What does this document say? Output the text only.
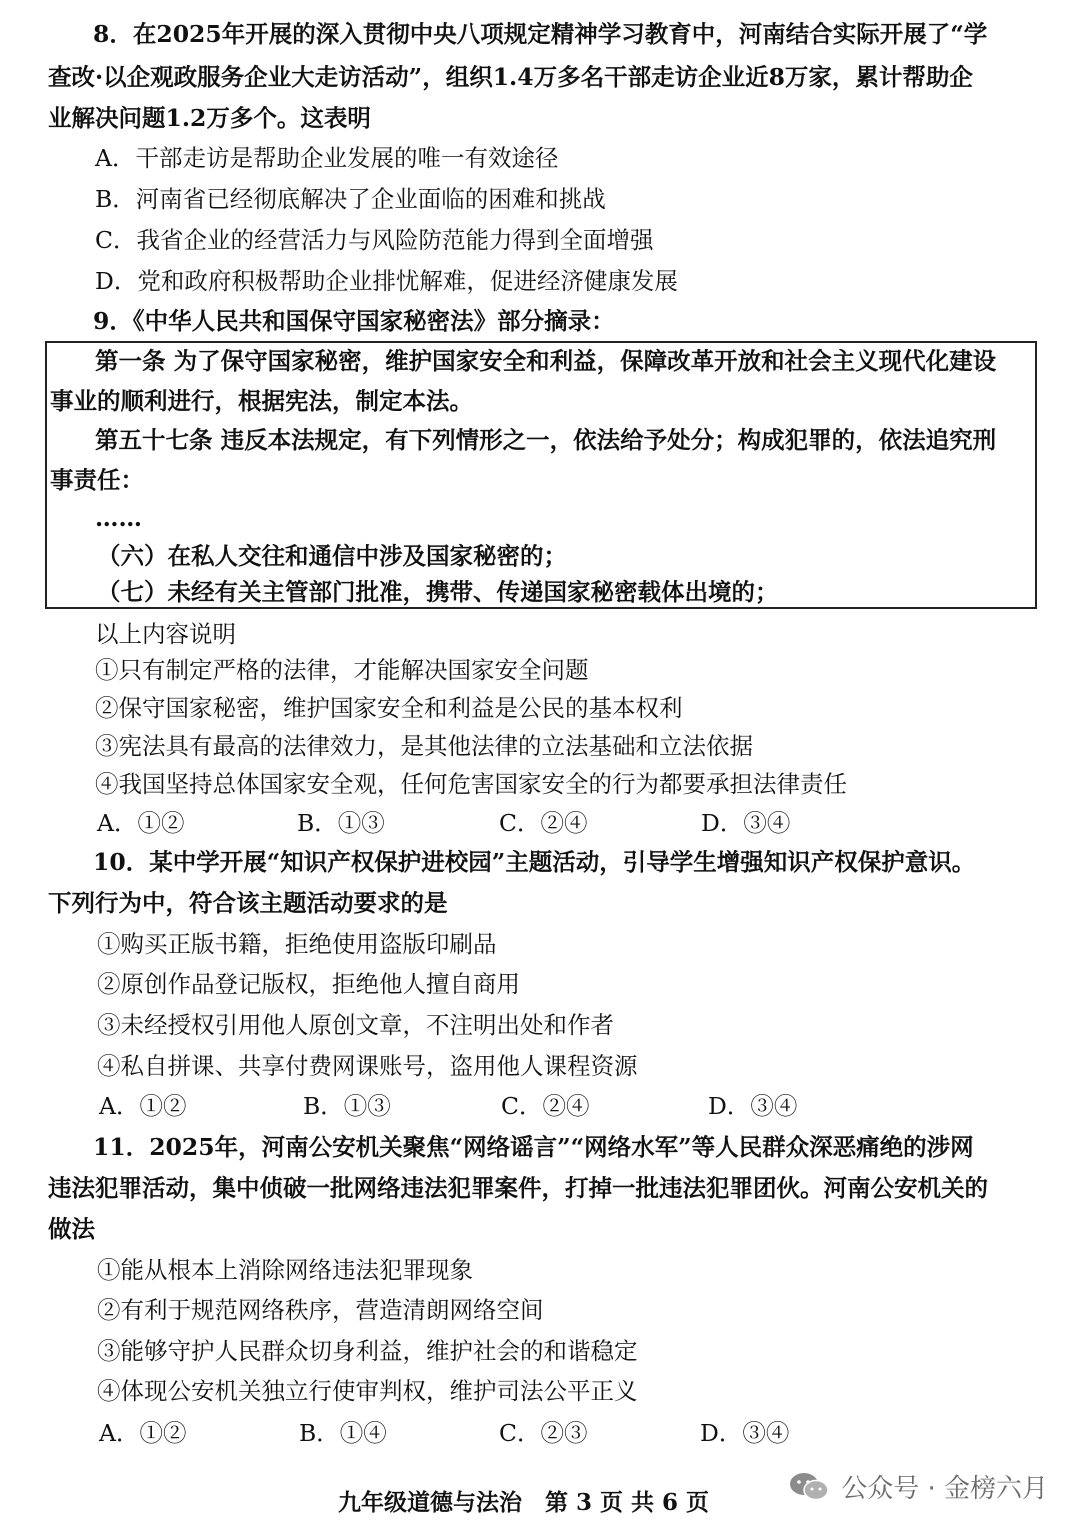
8．在2025年开展的深入贯彻中央八项规定精神学习教育中，河南结合实际开展了“学
查改·以企观政服务企业大走访活动”，组织1.4万多名干部走访企业近8万家，累计帮助企
业解决问题1.2万多个。这表明
A．干部走访是帮助企业发展的唯一有效途径
B．河南省已经彻底解决了企业面临的困难和挑战
C．我省企业的经营活力与风险防范能力得到全面增强
D．党和政府积极帮助企业排忧解难，促进经济健康发展
9．《中华人民共和国保守国家秘密法》部分摘录：
第一条 为了保守国家秘密，维护国家安全和利益，保障改革开放和社会主义现代化建设
事业的顺利进行，根据宪法，制定本法。
第五十七条 违反本法规定，有下列情形之一，依法给予处分；构成犯罪的，依法追究刑
事责任：
……
（六）在私人交往和通信中涉及国家秘密的；
（七）未经有关主管部门批准，携带、传递国家秘密载体出境的；
以上内容说明
①只有制定严格的法律，才能解决国家安全问题
②保守国家秘密，维护国家安全和利益是公民的基本权利
③宪法具有最高的法律效力，是其他法律的立法基础和立法依据
④我国坚持总体国家安全观，任何危害国家安全的行为都要承担法律责任
A．①②	B．①③	C．②④	D．③④
10．某中学开展“知识产权保护进校园”主题活动，引导学生增强知识产权保护意识。
下列行为中，符合该主题活动要求的是
①购买正版书籍，拒绝使用盗版印刷品
②原创作品登记版权，拒绝他人擅自商用
③未经授权引用他人原创文章，不注明出处和作者
④私自拼课、共享付费网课账号，盗用他人课程资源
A．①②	B．①③	C．②④	D．③④
11．2025年，河南公安机关聚焦“网络谣言”“网络水军”等人民群众深恶痛绝的涉网
违法犯罪活动，集中侦破一批网络违法犯罪案件，打掉一批违法犯罪团伙。河南公安机关的
做法
①能从根本上消除网络违法犯罪现象
②有利于规范网络秩序，营造清朗网络空间
③能够守护人民群众切身利益，维护社会的和谐稳定
④体现公安机关独立行使审判权，维护司法公平正义
A．①②	B．①④	C．②③	D．③④
九年级道德与法治　第 3 页 共 6 页	公众号 · 金榜六月
